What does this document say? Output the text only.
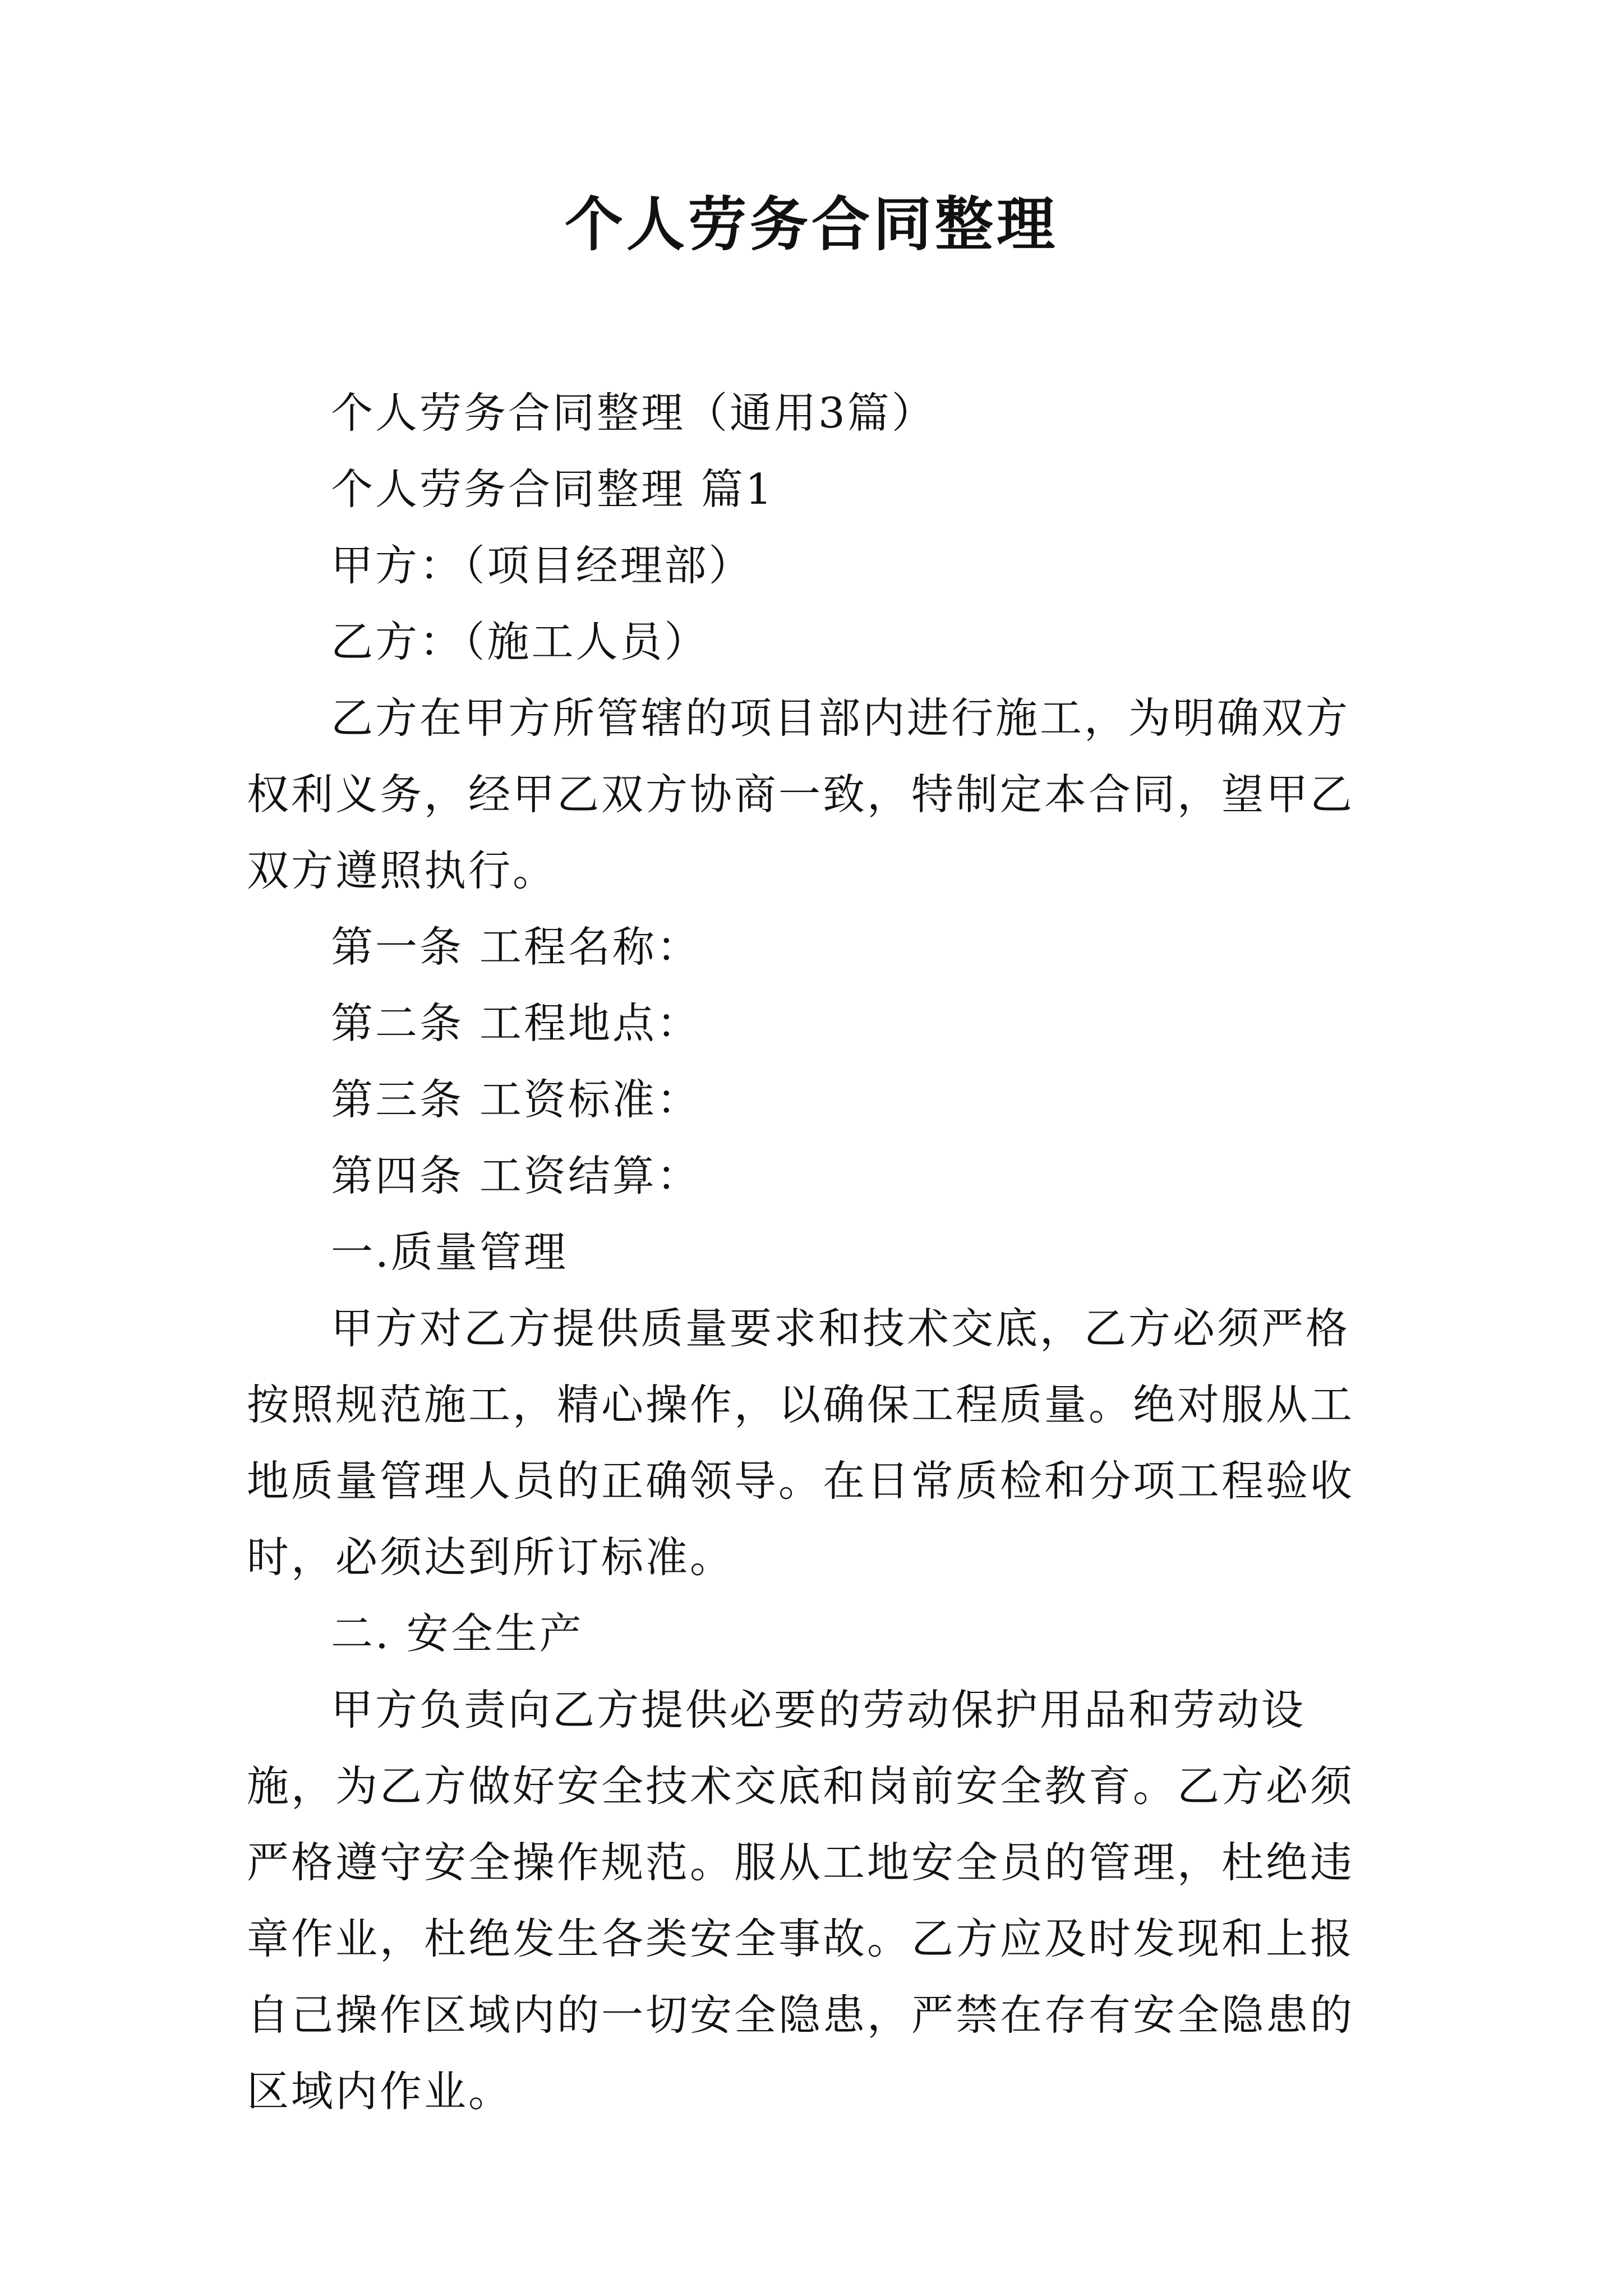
个人劳务合同整理

个人劳务合同整理（通用3篇）

个人劳务合同整理 篇1

甲方：（项目经理部）

乙方：（施工人员）

乙方在甲方所管辖的项目部内进行施工，为明确双方权利义务，经甲乙双方协商一致，特制定本合同，望甲乙双方遵照执行。

第一条 工程名称：

第二条 工程地点：

第三条 工资标准：

第四条 工资结算：

一.质量管理

甲方对乙方提供质量要求和技术交底，乙方必须严格按照规范施工，精心操作，以确保工程质量。绝对服从工地质量管理人员的正确领导。在日常质检和分项工程验收时，必须达到所订标准。

二. 安全生产

甲方负责向乙方提供必要的劳动保护用品和劳动设施，为乙方做好安全技术交底和岗前安全教育。乙方必须严格遵守安全操作规范。服从工地安全员的管理，杜绝违章作业，杜绝发生各类安全事故。乙方应及时发现和上报自己操作区域内的一切安全隐患，严禁在存有安全隐患的区域内作业。
